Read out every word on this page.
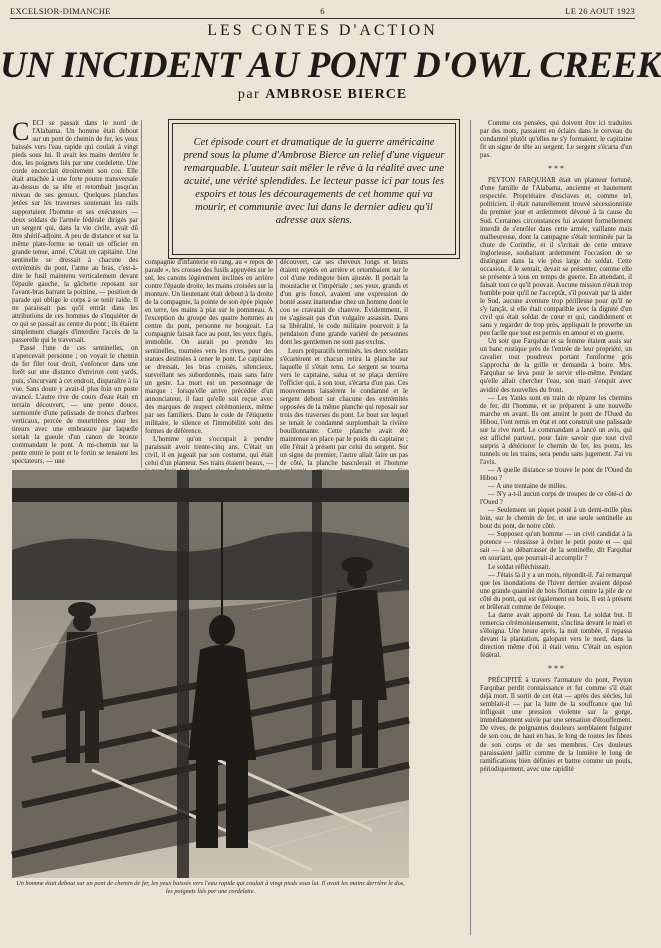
EXCELSIOR-DIMANCHE	6	LE 26 AOUT 1923
LES CONTES D'ACTION
UN INCIDENT AU PONT D'OWL CREEK
par AMBROSE BIERCE
C ECI se passait dans le nord de l'Alabama. Un homme était debout sur un pont de chemin de fer, les yeux baissés vers l'eau rapide qui coulait à vingt pieds sous lui. Il avait les mains derrière le dos, les poignets liés par une cordelette. Une corde encerclait étroitement son cou. Elle était attachée à une forte poutre transversale au-dessus de sa tête et retombait jusqu'au niveau de ses genoux. Quelques planches jetées sur les traverses soutenant les rails supportaient l'homme et ses exécuteurs — deux soldats de l'armée fédérale dirigés par un sergent qui, dans la vie civile, avait dû être shérif-adjoint. A peu de distance et sur la même plate-forme se tenait un officier en grande tenue, armé. C'était un capitaine. Une sentinelle se dressait à chacune des extrémités du pont, l'arme au bras, c'est-à-dire le fusil maintenu verticalement devant l'épaule gauche, la gâchette reposant sur l'avant-bras barrant la poitrine, — position de parade qui oblige le corps à se tenir raide. Il ne paraissait pas qu'il entrât dans les attributions de ces hommes de s'inquiéter de ce qui se passait au centre du pont ; ils étaient simplement chargés d'interdire l'accès de la passerelle qui le traversait.

Passé l'une de ces sentinelles, on n'apercevait personne ; on voyait le chemin de fer filer tout droit, s'enfoncer dans une forêt sur une distance d'environ cent yards, puis, s'incurvant à cet endroit, disparaître à la vue. Sans doute y avait-il plus loin un poste avancé. L'autre rive du cours d'eau était en terrain découvert, — une pente douce, surmontée d'une palissade de troncs d'arbres verticaux, percée de meurtrières pour les tireurs avec une embrasure par laquelle sortait la gueule d'un canon de bronze commandant le pont. A mi-chemin sur la pente entre le pont et le fortin se tenaient les spectateurs, — une

Cet épisode court et dramatique de la guerre américaine prend sous la plume d'Ambrose Bierce un relief d'une vigueur remarquable. L'auteur sait mêler le rêve à la réalité avec une acuité, une vérité splendides. Le lecteur passe ici par tous les espoirs et tous les découragements de cet homme qui va mourir, et communie avec lui dans le dernier adieu qu'il adresse aux siens.

compagnie d'infanterie en rang, au « repos de parade », les crosses des fusils appuyées sur le sol, les canons légèrement inclinés en arrière contre l'épaule droite, les mains croisées sur la monture. Un lieutenant était debout à la droite de la compagnie, la pointe de son épée piquée en terre, les mains à plat sur le pommeau. A l'exception du groupe des quatre hommes au centre du pont, personne ne bougeait. La compagnie faisait face au pont, les yeux figés, immobile. On aurait pu prendre les sentinelles, tournées vers les rives, pour des statues destinées à orner le pont. Le capitaine se dressait, les bras croisés, silencieux, surveillant ses subordonnés, mais sans faire un geste. La mort est un personnage de marque : lorsqu'elle arrive précédée d'un annonciateur, il faut qu'elle soit reçue avec des marques de respect cérémonieux, même par ses familiers. Dans le code de l'étiquette militaire, le silence et l'immobilité sont des formes de déférence.

L'homme qu'on s'occupait à pendre paraissait avoir trente-cinq ans. C'était un civil, il en jugeait par son costume, qui était celui d'un planteur. Ses traits étaient beaux, —

découvert, car ses cheveux longs et bruns étaient rejetés en arrière et retombaient sur le col d'une redingote bien ajustée. Il portait la moustache et l'impériale ; ses yeux, grands et d'un gris foncé, avaient une expression de bonté assez inattendue chez un homme dont le cou se cravatait de chanvre. Évidemment, il ne s'agissait pas d'un vulgaire assassin. Dans sa libéralité, le code militaire pourvoit à la pendaison d'une grande variété de personnes dont les gentlemen ne sont pas exclus.

Leurs préparatifs terminés, les deux soldats s'écartèrent et chacun retira la planche sur laquelle il s'était tenu. Le sergent se tourna vers le capitaine, salua et se plaça derrière l'officier qui, à son tour, s'écarta d'un pas. Ces mouvements laissèrent le condamné et le sergent debout sur chacune des extrémités opposées de la même planche qui reposait sur trois des traverses du pont. Le bout sur lequel se tenait le condamné surplombait la rivière bouillonnante. Cette planche avait été maintenue en place par le poids du capitaine ; elle l'était à présent par celui du sergent. Sur un signe du premier, l'autre allait faire un pas de côté, la planche basculerait et l'homme

Comme ces pensées, qui doivent être ici traduites par des mots, passaient en éclairs dans le cerveau du condamné plutôt qu'elles ne s'y formaient, le capitaine fit un signe de tête au sergent. Le sergent s'écarta d'un pas.

* * *

PEYTON FARQUHAR était un planteur fortuné, d'une famille de l'Alabama, ancienne et hautement respectée. Propriétaire d'esclaves et, comme tel, politicien, il était naturellement trouvé sécessionniste du premier jour et ardemment dévoué à la cause du Sud. Certaines circonstances lui avaient formellement interdit de s'enrôler dans cette armée, vaillante mais malheureuse, dont la campagne s'était terminée par la chute de Corinthe, et il s'irritait de cette entrave inglorieuse, souhaitant ardemment l'occasion de se distinguer dans la vie plus large du soldat. Cette occasion, il le sentait, devait se présenter, comme elle se présente à tous en temps de guerre. En attendant, il faisait tout ce qu'il pouvait. Aucune mission n'était trop humble pour qu'il ne l'acceptât, s'il pouvait par là aider le Sud, aucune aventure trop périlleuse pour qu'il ne s'y lançât, si elle était compatible avec la dignité d'un civil qui était soldat de cœur et qui, candidement et sans y regarder de trop près, appliquait le proverbe un peu facile que tout est permis en amour et en guerre.

Un soir que Farquhar et sa femme étaient assis sur un banc rustique près de l'entrée de leur propriété, un cavalier tout poudreux portant l'uniforme gris s'approcha de la grille et demanda à boire. Mrs. Farquhar se leva pour le servir elle-même. Pendant qu'elle allait chercher l'eau, son mari s'enquit avec avidité des nouvelles du front.

— Les Yanks sont en train de réparer les chemins de fer, dit l'homme, et se préparent à une nouvelle marche en avant. Ils ont atteint le pont de l'Oued du Hibou, l'ont remis en état et ont construit une palissade sur la rive nord. Le commandant a lancé un avis, qui est affiché partout, pour faire savoir que tout civil surpris à détériorer le chemin de fer, les ponts, les tunnels ou les trains, sera pendu sans jugement. J'ai vu l'avis.

— A quelle distance se trouve le pont de l'Oued du Hibou ?

— A une trentaine de milles.

— N'y a-t-il aucun corps de troupes de ce côté-ci de l'Oued ?

— Seulement un piquet posté à un demi-mille plus loin, sur le chemin de fer, et une seule sentinelle au bout du pont, de notre côté.

— Supposez qu'un homme — un civil candidat à la potence — réussisse à éviter le petit poste et — qui sait — à se débarrasser de la sentinelle, dit Farquhar en souriant, que pourrait-il accomplir ?

Le soldat réfléchissait.

— J'étais là il y a un mois, répondit-il. J'ai remarqué que les inondations de l'hiver dernier avaient déposé une grande quantité de bois flottant contre la pile de ce côté du pont, qui est également en bois. Il est à présent et brûlerait comme de l'étoupe.

La dame avait apporté de l'eau. Le soldat but. Il remercia cérémonieusement, s'inclina devant le mari et s'éloigna. Une heure après, la nuit tombée, il repassa devant la plantation, galopant vers le nord, dans la direction même d'où il était venu. C'était un espion fédéral.

* * *

PRÉCIPITÉ à travers l'armature du pont, Peyton Farquhar perdit connaissance et fut comme s'il était déjà mort. Il sortit de cet état — après des siècles, lui semblait-il — par la lutte de la souffrance que lui infligeait une pression violente sur la gorge, immédiatement suivie par une sensation d'étouffement. De vives, de poignantes douleurs semblaient fulgurer de son cou, de haut en bas, le long de toutes les fibres de son corps et de ses membres. Ces douleurs paraissaient jaillir comme de la lumière le long de ramifications bien définies et battre comme un pouls, périodiquement, avec une rapidité

Un homme était debout sur un pont de chemin de fer, les yeux baissés vers l'eau rapide qui coulait à vingt pieds sous lui. Il avait les mains derrière le dos, les poignets liés par une cordelette.
